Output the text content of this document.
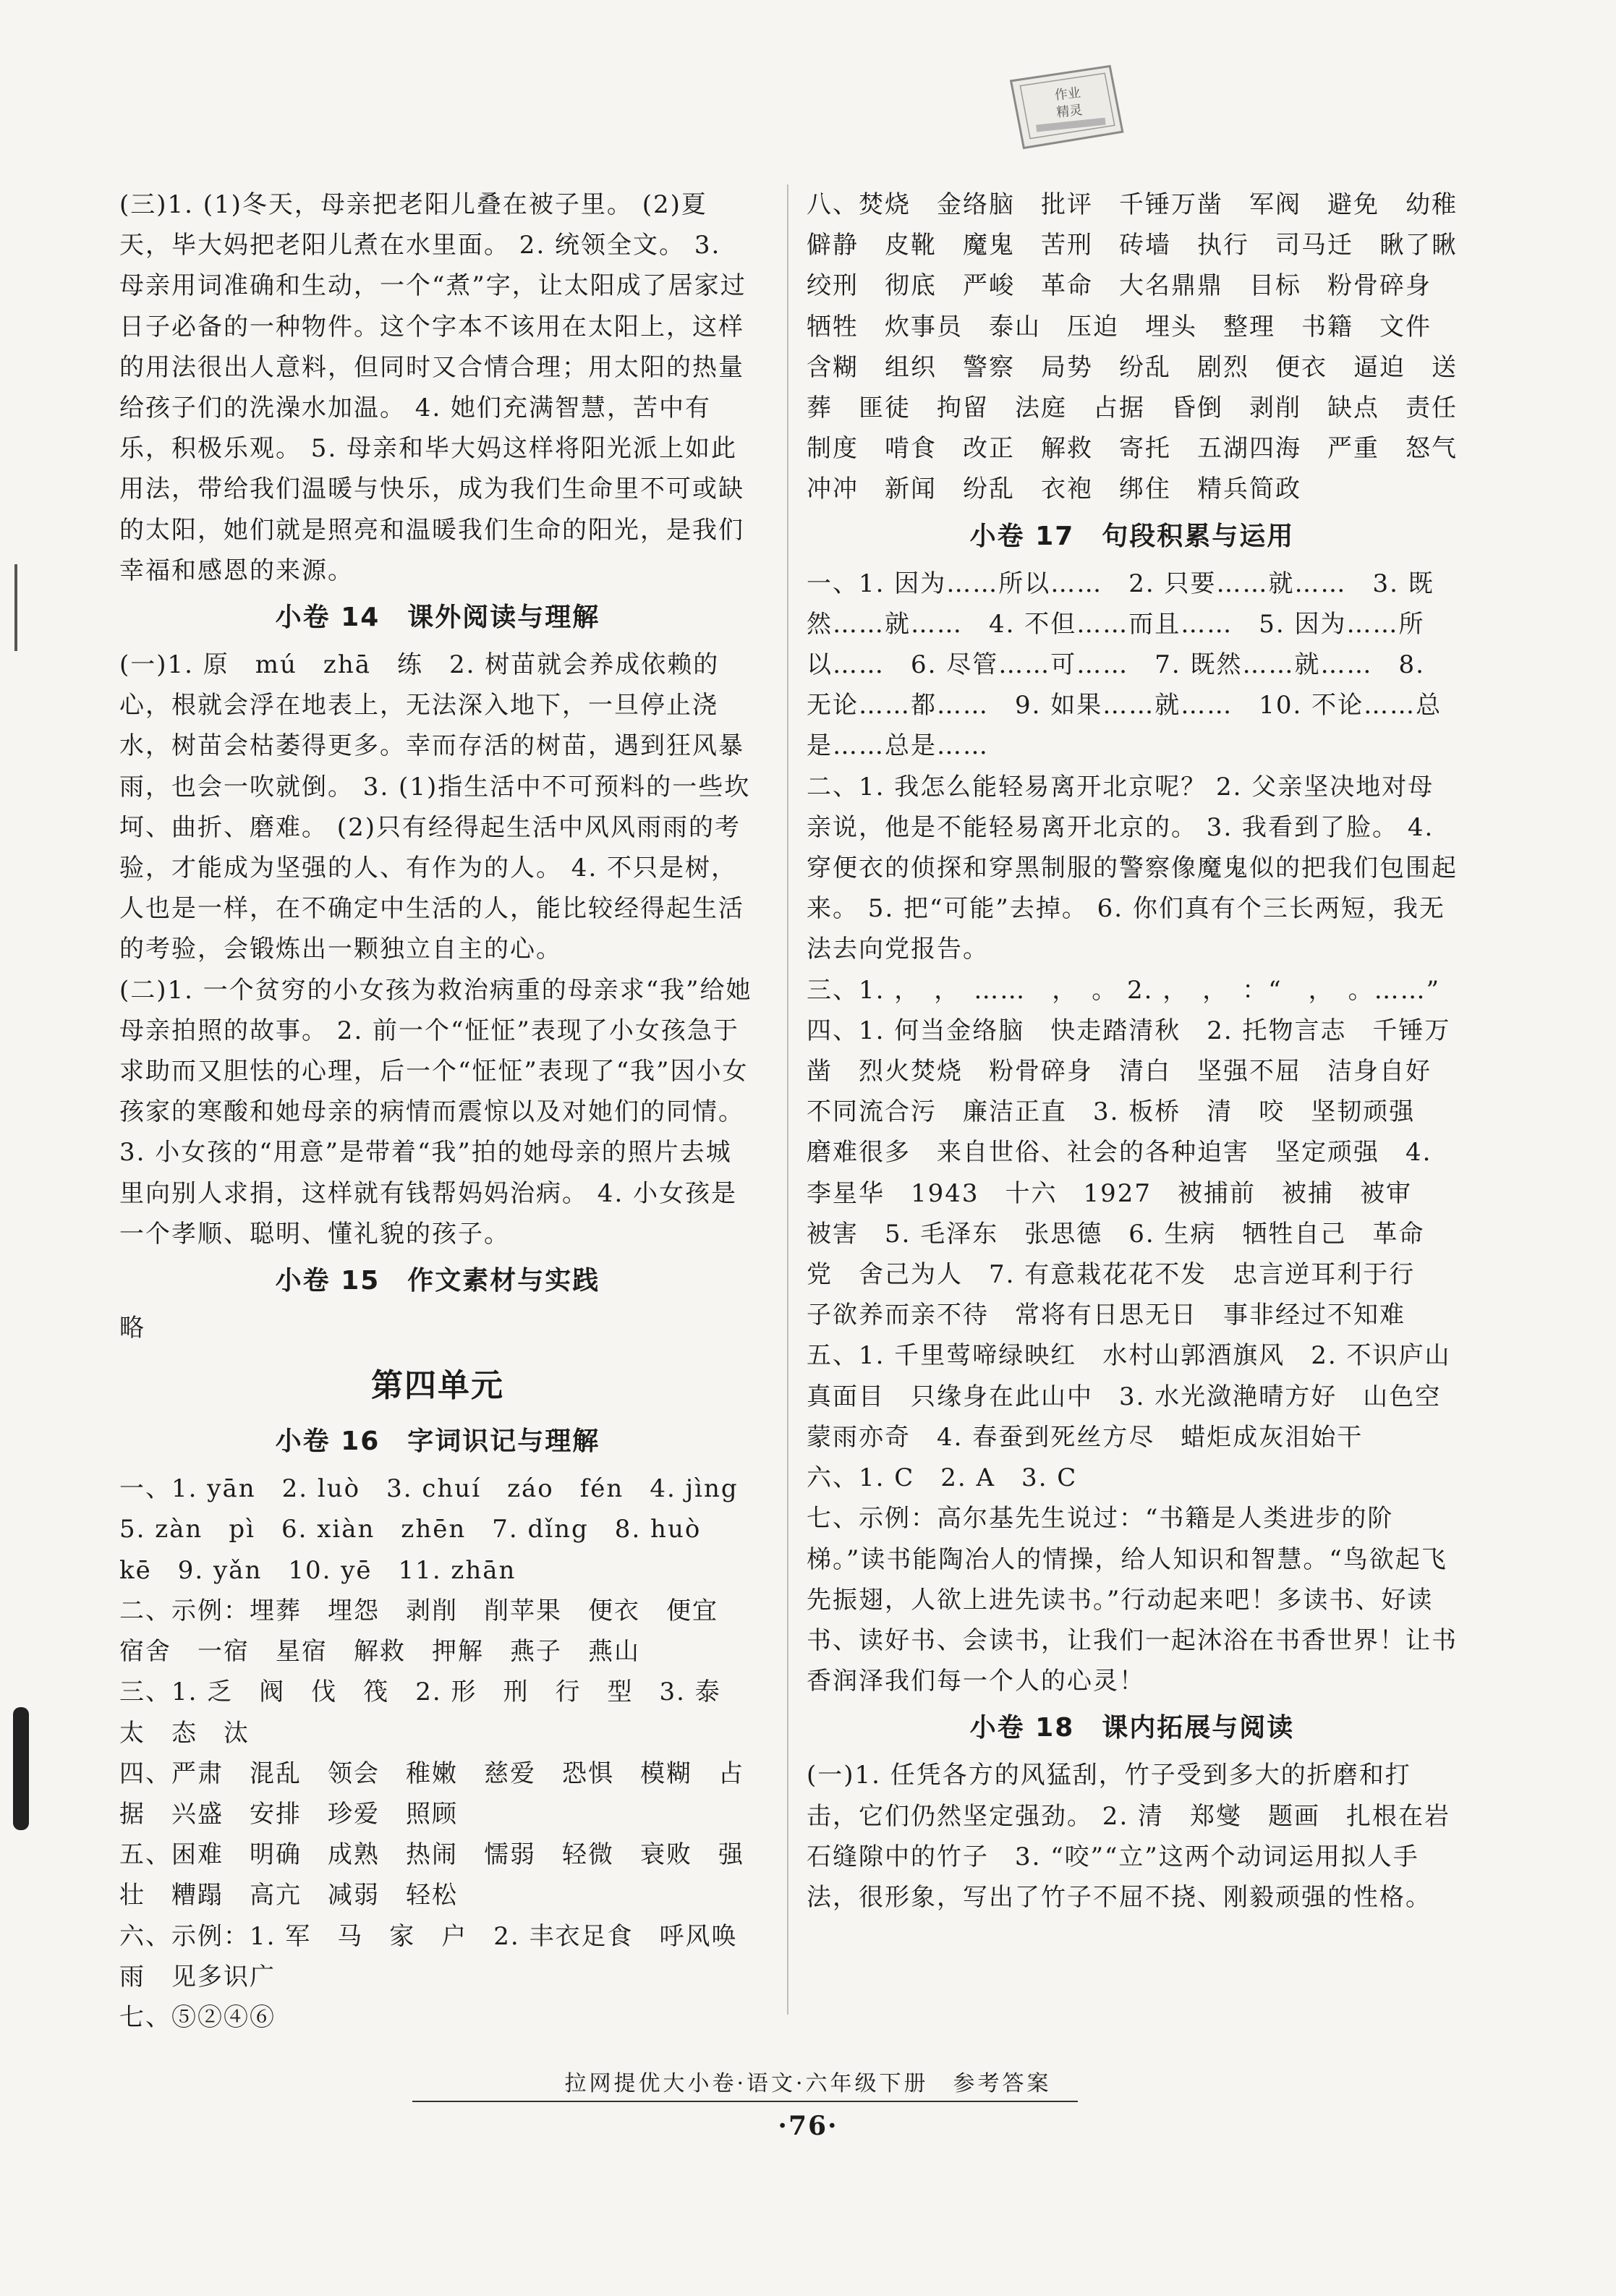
作业
精灵
(三)1. (1)冬天，母亲把老阳儿叠在被子里。 (2)夏天，毕大妈把老阳儿煮在水里面。 2. 统领全文。 3. 母亲用词准确和生动，一个“煮”字，让太阳成了居家过日子必备的一种物件。这个字本不该用在太阳上，这样的用法很出人意料，但同时又合情合理；用太阳的热量给孩子们的洗澡水加温。 4. 她们充满智慧，苦中有乐，积极乐观。 5. 母亲和毕大妈这样将阳光派上如此用法，带给我们温暖与快乐，成为我们生命里不可或缺的太阳，她们就是照亮和温暖我们生命的阳光，是我们幸福和感恩的来源。
小卷 14　课外阅读与理解
(一)1. 原　mú　zhā　练　2. 树苗就会养成依赖的心，根就会浮在地表上，无法深入地下，一旦停止浇水，树苗会枯萎得更多。幸而存活的树苗，遇到狂风暴雨，也会一吹就倒。 3. (1)指生活中不可预料的一些坎坷、曲折、磨难。 (2)只有经得起生活中风风雨雨的考验，才能成为坚强的人、有作为的人。 4. 不只是树，人也是一样，在不确定中生活的人，能比较经得起生活的考验，会锻炼出一颗独立自主的心。
(二)1. 一个贫穷的小女孩为救治病重的母亲求“我”给她母亲拍照的故事。 2. 前一个“怔怔”表现了小女孩急于求助而又胆怯的心理，后一个“怔怔”表现了“我”因小女孩家的寒酸和她母亲的病情而震惊以及对她们的同情。 3. 小女孩的“用意”是带着“我”拍的她母亲的照片去城里向别人求捐，这样就有钱帮妈妈治病。 4. 小女孩是一个孝顺、聪明、懂礼貌的孩子。
小卷 15　作文素材与实践
略
第四单元
小卷 16　字词识记与理解
一、1. yān　2. luò　3. chuí　záo　fén　4. jìng　5. zàn　pì　6. xiàn　zhēn　7. dǐng　8. huò　kē　9. yǎn　10. yē　11. zhān
二、示例：埋葬　埋怨　剥削　削苹果　便衣　便宜　宿舍　一宿　星宿　解救　押解　燕子　燕山
三、1. 乏　阀　伐　筏　2. 形　刑　行　型　3. 泰　太　态　汰
四、严肃　混乱　领会　稚嫩　慈爱　恐惧　模糊　占据　兴盛　安排　珍爱　照顾
五、困难　明确　成熟　热闹　懦弱　轻微　衰败　强壮　糟蹋　高亢　减弱　轻松
六、示例：1. 军　马　家　户　2. 丰衣足食　呼风唤雨　见多识广
七、⑤②④⑥
八、焚烧　金络脑　批评　千锤万凿　军阀　避免　幼稚　僻静　皮靴　魔鬼　苦刑　砖墙　执行　司马迁　瞅了瞅　绞刑　彻底　严峻　革命　大名鼎鼎　目标　粉骨碎身　牺牲　炊事员　泰山　压迫　埋头　整理　书籍　文件　含糊　组织　警察　局势　纷乱　剧烈　便衣　逼迫　送葬　匪徒　拘留　法庭　占据　昏倒　剥削　缺点　责任　制度　啃食　改正　解救　寄托　五湖四海　严重　怒气冲冲　新闻　纷乱　衣袍　绑住　精兵简政
小卷 17　句段积累与运用
一、1. 因为……所以……　2. 只要……就……　3. 既然……就……　4. 不但……而且……　5. 因为……所以……　6. 尽管……可……　7. 既然……就……　8. 无论……都……　9. 如果……就……　10. 不论……总是……总是……
二、1. 我怎么能轻易离开北京呢？ 2. 父亲坚决地对母亲说，他是不能轻易离开北京的。 3. 我看到了脸。 4. 穿便衣的侦探和穿黑制服的警察像魔鬼似的把我们包围起来。 5. 把“可能”去掉。 6. 你们真有个三长两短，我无法去向党报告。
三、1. ，　，　……　，　。 2. ，　，　：“　，　。……”
四、1. 何当金络脑　快走踏清秋　2. 托物言志　千锤万凿　烈火焚烧　粉骨碎身　清白　坚强不屈　洁身自好　不同流合污　廉洁正直　3. 板桥　清　咬　坚韧顽强　磨难很多　来自世俗、社会的各种迫害　坚定顽强　4. 李星华　1943　十六　1927　被捕前　被捕　被审　被害　5. 毛泽东　张思德　6. 生病　牺牲自己　革命　党　舍己为人　7. 有意栽花花不发　忠言逆耳利于行　子欲养而亲不待　常将有日思无日　事非经过不知难
五、1. 千里莺啼绿映红　水村山郭酒旗风　2. 不识庐山真面目　只缘身在此山中　3. 水光潋滟晴方好　山色空蒙雨亦奇　4. 春蚕到死丝方尽　蜡炬成灰泪始干
六、1. C　2. A　3. C
七、示例：高尔基先生说过：“书籍是人类进步的阶梯。”读书能陶冶人的情操，给人知识和智慧。“鸟欲起飞先振翅，人欲上进先读书。”行动起来吧！多读书、好读书、读好书、会读书，让我们一起沐浴在书香世界！让书香润泽我们每一个人的心灵！
小卷 18　课内拓展与阅读
(一)1. 任凭各方的风猛刮，竹子受到多大的折磨和打击，它们仍然坚定强劲。 2. 清　郑燮　题画　扎根在岩石缝隙中的竹子　3. “咬”“立”这两个动词运用拟人手法，很形象，写出了竹子不屈不挠、刚毅顽强的性格。
拉网提优大小卷·语文·六年级下册　参考答案
·76·
